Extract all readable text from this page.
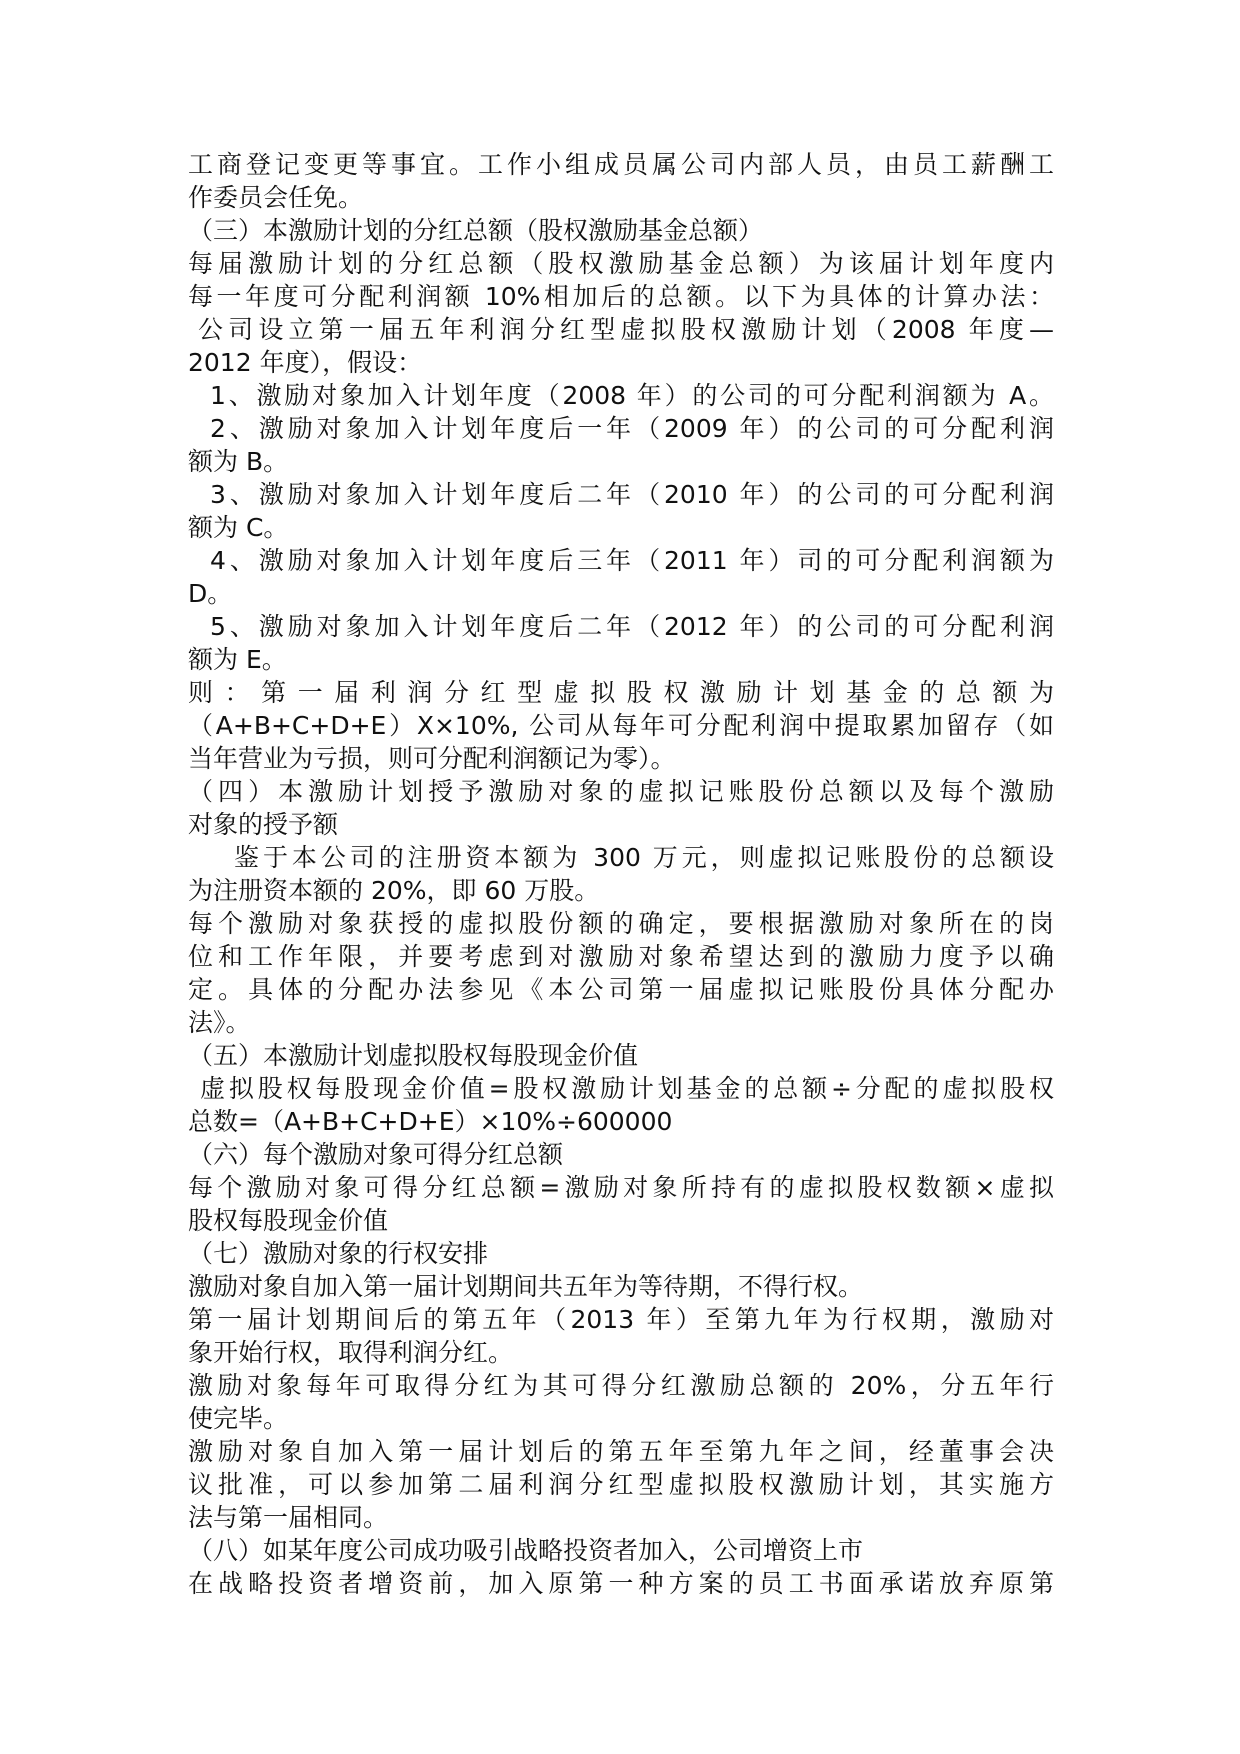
工商登记变更等事宜。工作小组成员属公司内部人员，由员工薪酬工

作委员会任免。

（三）本激励计划的分红总额（股权激励基金总额）

每届激励计划的分红总额（股权激励基金总额）为该届计划年度内

每一年度可分配利润额 10%相加后的总额。以下为具体的计算办法：

公司设立第一届五年利润分红型虚拟股权激励计划（2008 年度—

2012 年度），假设：

1、激励对象加入计划年度（2008 年）的公司的可分配利润额为 A。

2、激励对象加入计划年度后一年（2009 年）的公司的可分配利润

额为 B。

3、激励对象加入计划年度后二年（2010 年）的公司的可分配利润

额为 C。

4、激励对象加入计划年度后三年（2011 年）司的可分配利润额为

D。

5、激励对象加入计划年度后二年（2012 年）的公司的可分配利润

额为 E。

则：第一届利润分红型虚拟股权激励计划基金的总额为

（A+B+C+D+E）X×10%, 公司从每年可分配利润中提取累加留存（如

当年营业为亏损，则可分配利润额记为零）。

（四）本激励计划授予激励对象的虚拟记账股份总额以及每个激励

对象的授予额

鉴于本公司的注册资本额为 300 万元，则虚拟记账股份的总额设

为注册资本额的 20%，即 60 万股。

每个激励对象获授的虚拟股份额的确定，要根据激励对象所在的岗

位和工作年限，并要考虑到对激励对象希望达到的激励力度予以确

定。具体的分配办法参见《本公司第一届虚拟记账股份具体分配办

法》。

（五）本激励计划虚拟股权每股现金价值

虚拟股权每股现金价值=股权激励计划基金的总额÷分配的虚拟股权

总数=（A+B+C+D+E）×10%÷600000

（六）每个激励对象可得分红总额

每个激励对象可得分红总额=激励对象所持有的虚拟股权数额×虚拟

股权每股现金价值

（七）激励对象的行权安排

激励对象自加入第一届计划期间共五年为等待期，不得行权。

第一届计划期间后的第五年（2013 年）至第九年为行权期，激励对

象开始行权，取得利润分红。

激励对象每年可取得分红为其可得分红激励总额的 20%，分五年行

使完毕。

激励对象自加入第一届计划后的第五年至第九年之间，经董事会决

议批准，可以参加第二届利润分红型虚拟股权激励计划，其实施方

法与第一届相同。

（八）如某年度公司成功吸引战略投资者加入，公司增资上市

在战略投资者增资前，加入原第一种方案的员工书面承诺放弃原第
